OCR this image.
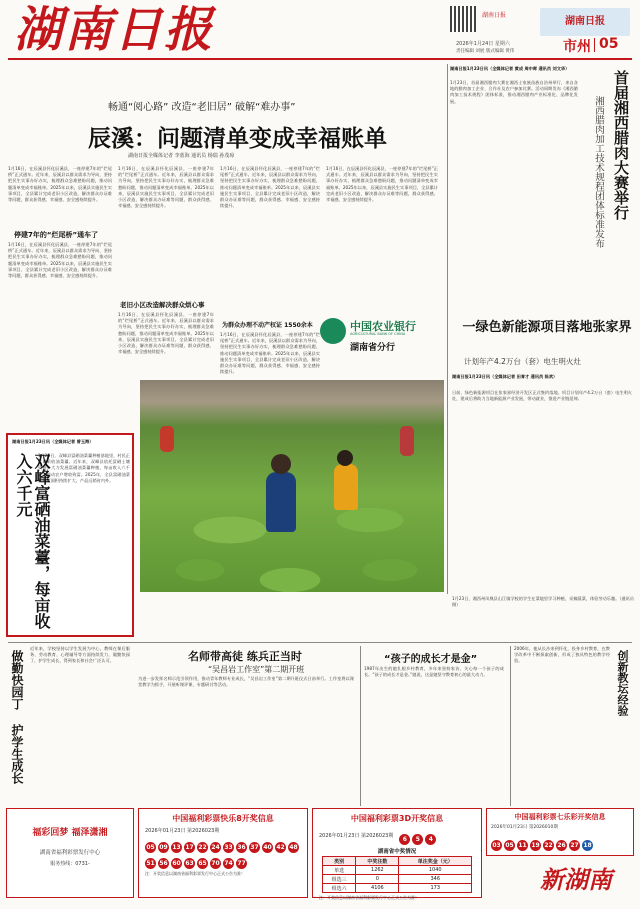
湖南日报	湖南日报
湖南日报
2026年1月24日 星期六
责任编辑 刘展 版式编辑 黄伟	市州 05
畅通“阅心路” 改造“老旧居” 破解“难办事”
辰溪：问题清单变成幸福账单
湖南日报全媒体记者 李蓝海 通讯员 杨瑞 孙茂琼
1月16日，在辰溪县怀化辰溪县，一座停建7年的“烂尾桥”正式通车。近年来，辰溪县以群众需求为导向，坚持把民生实事办好办实，梳理群众急难愁盼问题，推动问题清单变成幸福账单。2025年以来，辰溪县实施民生实事项目，全县累计完成老旧小区改造，解决群众办证难等问题，群众获得感、幸福感、安全感持续提升。
停建7年的“烂尾桥”通车了
1月16日，在辰溪县怀化辰溪县，一座停建7年的“烂尾桥”正式通车。近年来，辰溪县以群众需求为导向，坚持把民生实事办好办实，梳理群众急难愁盼问题，推动问题清单变成幸福账单。2025年以来，辰溪县实施民生实事项目，全县累计完成老旧小区改造，解决群众办证难等问题，群众获得感、幸福感、安全感持续提升。
1月16日，在辰溪县怀化辰溪县，一座停建7年的“烂尾桥”正式通车。近年来，辰溪县以群众需求为导向，坚持把民生实事办好办实，梳理群众急难愁盼问题，推动问题清单变成幸福账单。2025年以来，辰溪县实施民生实事项目，全县累计完成老旧小区改造，解决群众办证难等问题，群众获得感、幸福感、安全感持续提升。
老旧小区改造解决群众烦心事
1月16日，在辰溪县怀化辰溪县，一座停建7年的“烂尾桥”正式通车。近年来，辰溪县以群众需求为导向，坚持把民生实事办好办实，梳理群众急难愁盼问题，推动问题清单变成幸福账单。2025年以来，辰溪县实施民生实事项目，全县累计完成老旧小区改造，解决群众办证难等问题，群众获得感、幸福感、安全感持续提升。
1月16日，在辰溪县怀化辰溪县，一座停建7年的“烂尾桥”正式通车。近年来，辰溪县以群众需求为导向，坚持把民生实事办好办实，梳理群众急难愁盼问题，推动问题清单变成幸福账单。2025年以来，辰溪县实施民生实事项目，全县累计完成老旧小区改造，解决群众办证难等问题，群众获得感、幸福感、安全感持续提升。
为群众办理不动产权证 1550余本
1月16日，在辰溪县怀化辰溪县，一座停建7年的“烂尾桥”正式通车。近年来，辰溪县以群众需求为导向，坚持把民生实事办好办实，梳理群众急难愁盼问题，推动问题清单变成幸福账单。2025年以来，辰溪县实施民生实事项目，全县累计完成老旧小区改造，解决群众办证难等问题，群众获得感、幸福感、安全感持续提升。
1月16日，在辰溪县怀化辰溪县，一座停建7年的“烂尾桥”正式通车。近年来，辰溪县以群众需求为导向，坚持把民生实事办好办实，梳理群众急难愁盼问题，推动问题清单变成幸福账单。2025年以来，辰溪县实施民生实事项目，全县累计完成老旧小区改造，解决群众办证难等问题，群众获得感、幸福感、安全感持续提升。
湖南日报1月23日讯（全媒体记者 黄成 周中晖 通讯员 刘文华）
1月23日，首届湘西腊肉大赛在湘西土家族苗族自治州举行，来自各地的腊肉加工企业、合作社及农户参加比赛。活动同期发布《湘西腊肉加工技术规程》团体标准，推动湘西腊肉产业标准化、品牌化发展。	首届湘西腊肉大赛举行
湘西腊肉加工技术规程团体标准发布
中国农业银行
AGRICULTURAL BANK OF CHINA
湖南省分行
一绿色新能源项目落地张家界
计划年产4.2万台（套）电生明火灶
湖南日报1月23日讯（全媒体记者 田育才 通讯员 陈欢）
日前，绿色新能源项目在张家界经济开发区正式签约落地。项目计划年产4.2万台（套）电生明火灶，建成后将助力当地新能源产业发展，带动就业，推进产业链延伸。
湖南日报1月23日讯（全媒体记者 曾玉海）
1月23日，双峰县富硒油菜薹种植基地里，村民正忙着采收油菜薹。近年来，双峰县依托富硒土壤资源，大力发展富硒油菜薹种植，每亩收入六千元，带动农户增收致富。2025年，全县富硒油菜薹种植面积持续扩大，产品远销省内外。
双峰富硒油菜薹，每亩收入六千元
1月23日，湘西州凤凰县山江镇学校的学生在菜地里学习种植、采摘蔬菜，体验劳动乐趣。（通讯员 摄）
做勤快园丁 护学生成长
近年来，学校坚持以学生发展为中心，教师在课后服务、劳动教育、心理辅导等方面持续发力，做勤快园丁，护学生成长，得到家长和社会广泛认可。	名师带高徒 练兵正当时
“吴昌岩工作室”第二期开班
为进一步发挥名师示范引领作用，推动青年教师专业成长，“吴昌岩工作室”第二期开班仪式日前举行。工作室将以课堂教学为抓手，开展听课评课、专题研讨等活动。
“孩子的成长才是金”
1987年出生的她扎根乡村教育，多年来坚持家访，关心每一个孩子的成长。“孩子的成长才是金。”她说，这是她坚守教育初心的最大动力。
2006年，他从长沙来到怀化，投身乡村教育，在教学改革中不断探索创新，形成了独具特色的教学经验。	创新教坛经验
福彩回梦 福泽潇湘
湖南省福利彩票发行中心
服务热线：0731-
中国福利彩票快乐8开奖信息
2026年01月23日 第2026023期
05 09 13 17 22 24 33 36 37 40 42 4851 56 60 63 65 70 74 77
注：开奖信息以湖南省福利彩票发行中心正式公告为准！
中国福利彩票3D开奖信息
2026年01月23日 第2026023期	6 5 4
湖南省中奖情况
类别	中奖注数	单注奖金（元）
单选	1262	1040
组选三	0	346
组选六	4106	173
注：开奖信息以湖南省福利彩票发行中心正式公告为准！
中国福利彩票七乐彩开奖信息
2026年01月23日 第2026010期
03 05 11 19 22 26 27 18
新湖南
